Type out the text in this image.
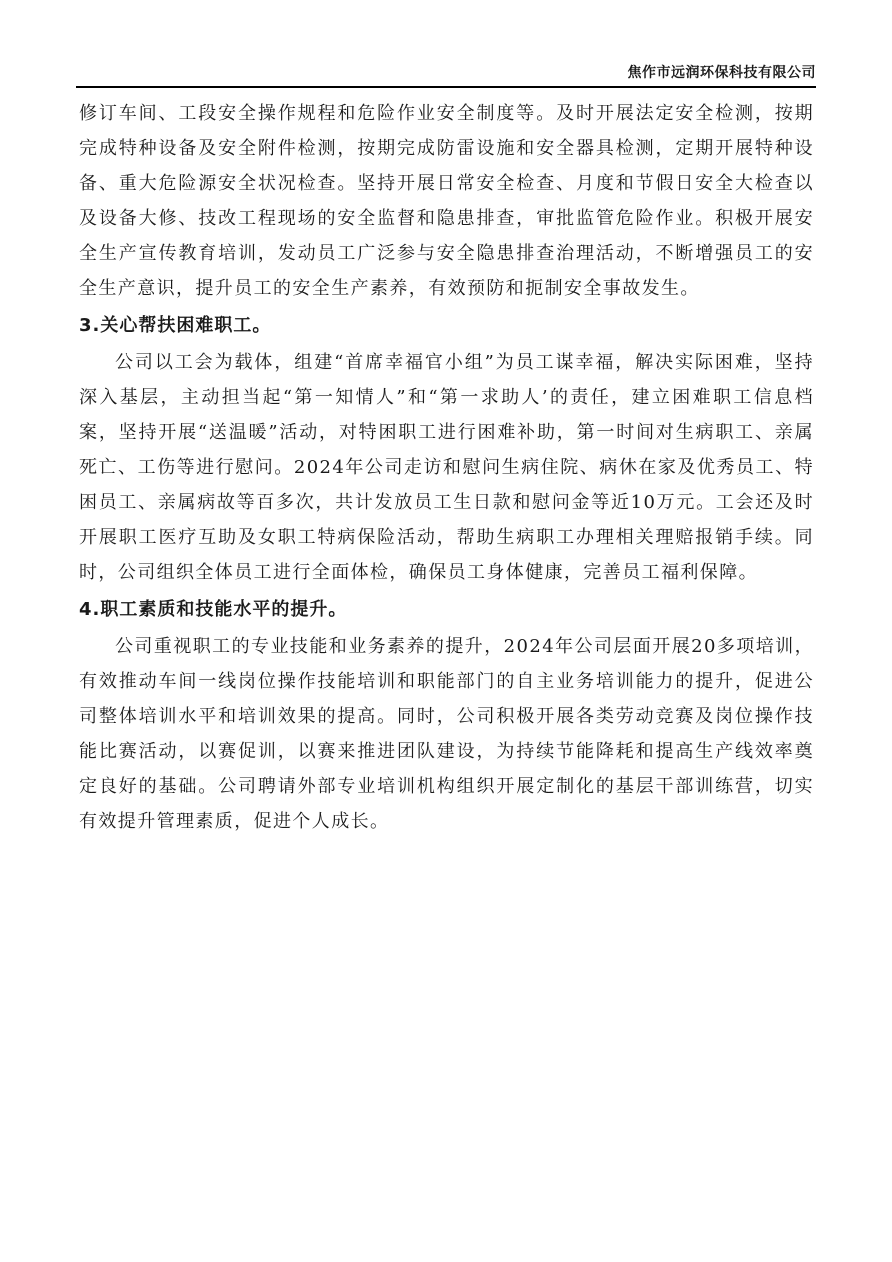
焦作市远润环保科技有限公司

修订车间、工段安全操作规程和危险作业安全制度等。及时开展法定安全检测，按期完成特种设备及安全附件检测，按期完成防雷设施和安全器具检测，定期开展特种设备、重大危险源安全状况检查。坚持开展日常安全检查、月度和节假日安全大检查以及设备大修、技改工程现场的安全监督和隐患排查，审批监管危险作业。积极开展安全生产宣传教育培训，发动员工广泛参与安全隐患排查治理活动，不断增强员工的安全生产意识，提升员工的安全生产素养，有效预防和扼制安全事故发生。

3.关心帮扶困难职工。

公司以工会为载体，组建“首席幸福官小组”为员工谋幸福，解决实际困难，坚持深入基层，主动担当起“第一知情人”和“第一求助人’的责任，建立困难职工信息档案，坚持开展“送温暖”活动，对特困职工进行困难补助，第一时间对生病职工、亲属死亡、工伤等进行慰问。2024年公司走访和慰问生病住院、病休在家及优秀员工、特困员工、亲属病故等百多次，共计发放员工生日款和慰问金等近10万元。工会还及时开展职工医疗互助及女职工特病保险活动，帮助生病职工办理相关理赔报销手续。同时，公司组织全体员工进行全面体检，确保员工身体健康，完善员工福利保障。

4.职工素质和技能水平的提升。

公司重视职工的专业技能和业务素养的提升，2024年公司层面开展20多项培训，有效推动车间一线岗位操作技能培训和职能部门的自主业务培训能力的提升，促进公司整体培训水平和培训效果的提高。同时，公司积极开展各类劳动竞赛及岗位操作技能比赛活动，以赛促训，以赛来推进团队建设，为持续节能降耗和提高生产线效率奠定良好的基础。公司聘请外部专业培训机构组织开展定制化的基层干部训练营，切实有效提升管理素质，促进个人成长。
